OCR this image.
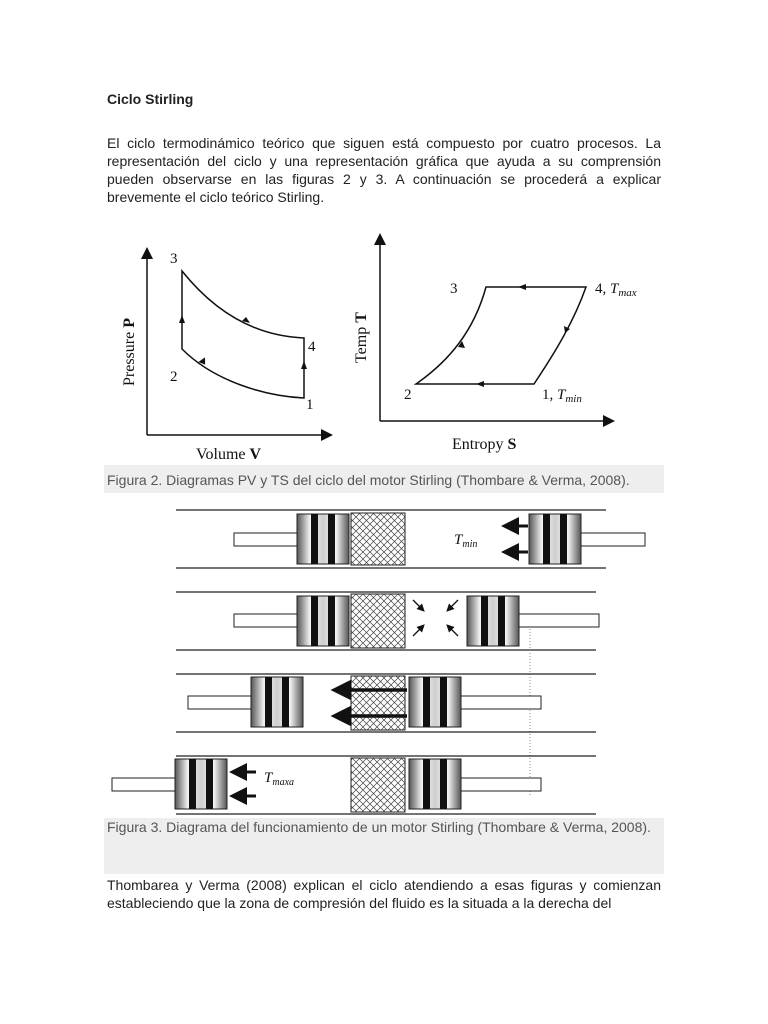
Ciclo Stirling

El ciclo termodinámico teórico que siguen está compuesto por cuatro procesos. La representación del ciclo y una representación gráfica que ayuda a su comprensión pueden observarse en las figuras 2 y 3. A continuación se procederá a explicar brevemente el ciclo teórico Stirling.

3
2
4
1
Pressure P
Volume V
3	4, $T_{max}$
2	1, $T_{min}$
Temp T
Entropy S

Figura 2. Diagramas PV y TS del ciclo del motor Stirling (Thombare & Verma, 2008).

$T_{min}$
$T_{maxa}$

Figura 3. Diagrama del funcionamiento de un motor Stirling (Thombare & Verma, 2008).

Thombarea y Verma (2008) explican el ciclo atendiendo a esas figuras y comienzan estableciendo que la zona de compresión del fluido es la situada a la derecha del
